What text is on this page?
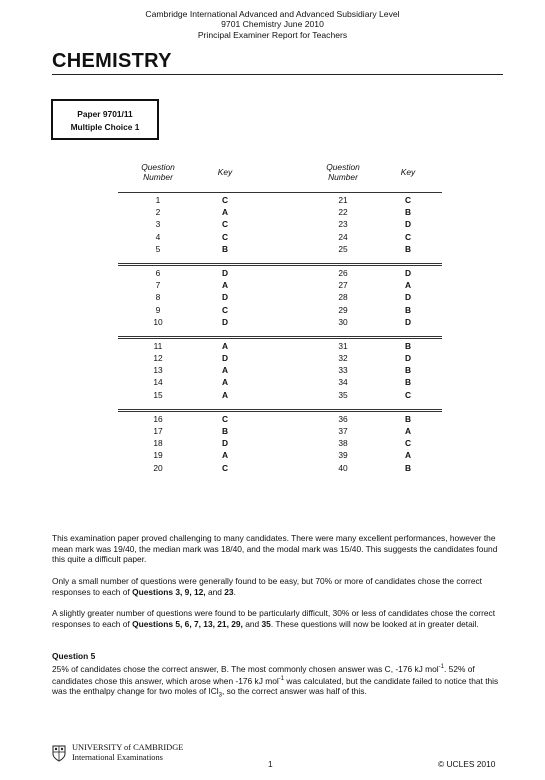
Cambridge International Advanced and Advanced Subsidiary Level
9701 Chemistry June 2010
Principal Examiner Report for Teachers
CHEMISTRY
Paper 9701/11
Multiple Choice 1
Question
Number	Key	Question
Number	Key
1	C	21	C
2	A	22	B
3	C	23	D
4	C	24	C
5	B	25	B
6	D	26	D
7	A	27	A
8	D	28	D
9	C	29	B
10	D	30	D
11	A	31	B
12	D	32	D
13	A	33	B
14	A	34	B
15	A	35	C
16	C	36	B
17	B	37	A
18	D	38	C
19	A	39	A
20	C	40	B
This examination paper proved challenging to many candidates. There were many excellent performances, however the mean mark was 19/40, the median mark was 18/40, and the modal mark was 15/40. This suggests the candidates found this quite a difficult paper.
Only a small number of questions were generally found to be easy, but 70% or more of candidates chose the correct responses to each of Questions 3, 9, 12, and 23.
A slightly greater number of questions were found to be particularly difficult, 30% or less of candidates chose the correct responses to each of Questions 5, 6, 7, 13, 21, 29, and 35. These questions will now be looked at in greater detail.
Question 5
25% of candidates chose the correct answer, B. The most commonly chosen answer was C, -176 kJ mol$^{-1}$. 52% of candidates chose this answer, which arose when -176 kJ mol$^{-1}$ was calculated, but the candidate failed to notice that this was the enthalpy change for two moles of ICl$_3$, so the correct answer was half of this.
UNIVERSITY of CAMBRIDGE
International Examinations
1	© UCLES 2010
